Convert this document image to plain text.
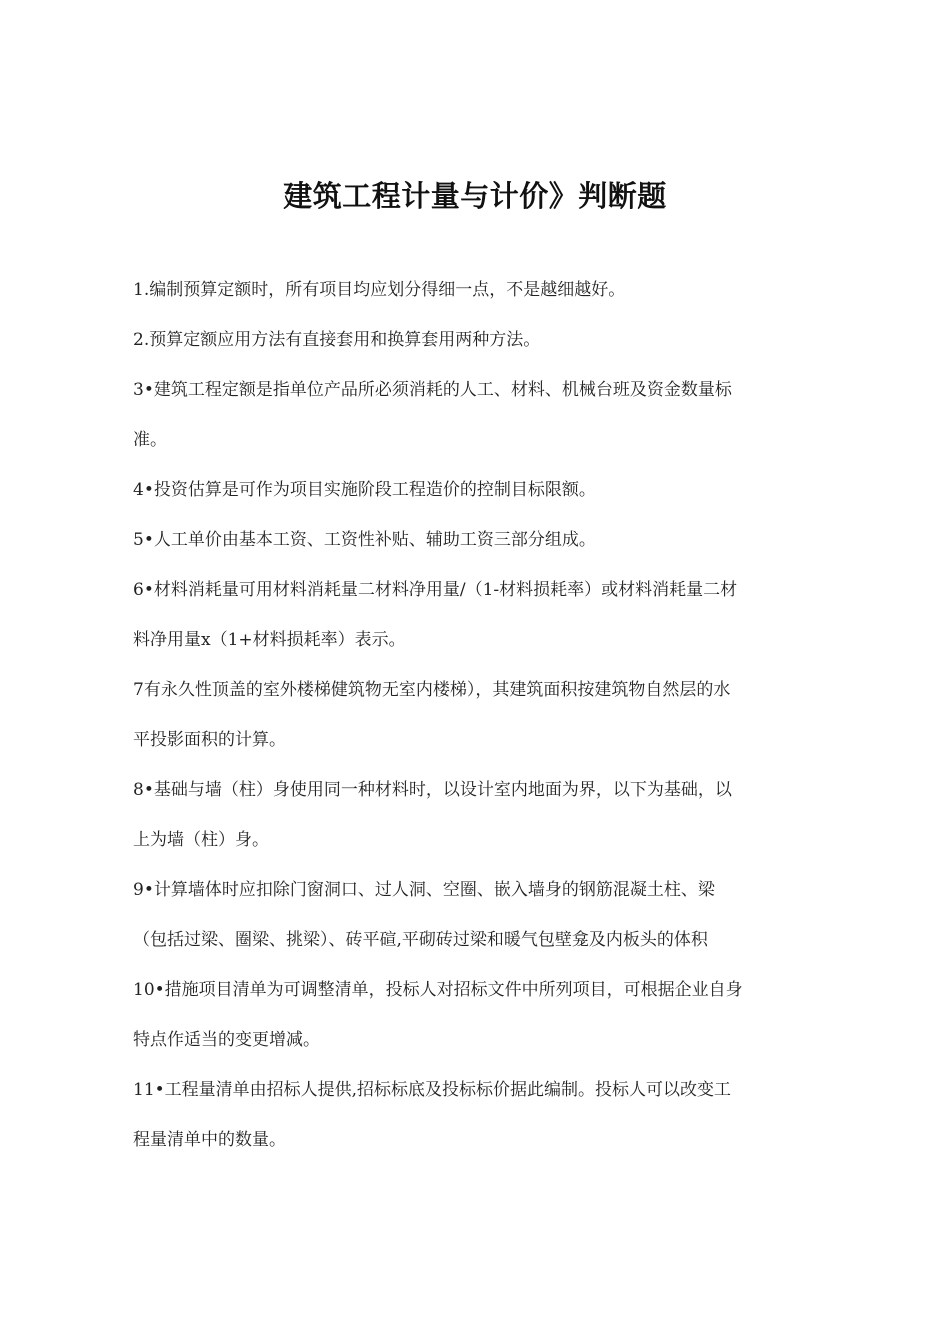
建筑工程计量与计价》判断题
1.编制预算定额时，所有项目均应划分得细一点，不是越细越好。
2.预算定额应用方法有直接套用和换算套用两种方法。
3•建筑工程定额是指单位产品所必须消耗的人工、材料、机械台班及资金数量标
准。
4•投资估算是可作为项目实施阶段工程造价的控制目标限额。
5•人工单价由基本工资、工资性补贴、辅助工资三部分组成。
6•材料消耗量可用材料消耗量二材料净用量/（1-材料损耗率）或材料消耗量二材
料净用量x（1+材料损耗率）表示。
7有永久性顶盖的室外楼梯健筑物无室内楼梯），其建筑面积按建筑物自然层的水
平投影面积的计算。
8•基础与墙（柱）身使用同一种材料时，以设计室内地面为界，以下为基础，以
上为墙（柱）身。
9•计算墙体时应扣除门窗洞口、过人洞、空圈、嵌入墙身的钢筋混凝土柱、梁
（包括过梁、圈梁、挑梁）、砖平碹,平砌砖过梁和暖气包壁龛及内板头的体积
10•措施项目清单为可调整清单，投标人对招标文件中所列项目，可根据企业自身
特点作适当的变更增减。
11•工程量清单由招标人提供,招标标底及投标标价据此编制。投标人可以改变工
程量清单中的数量。
